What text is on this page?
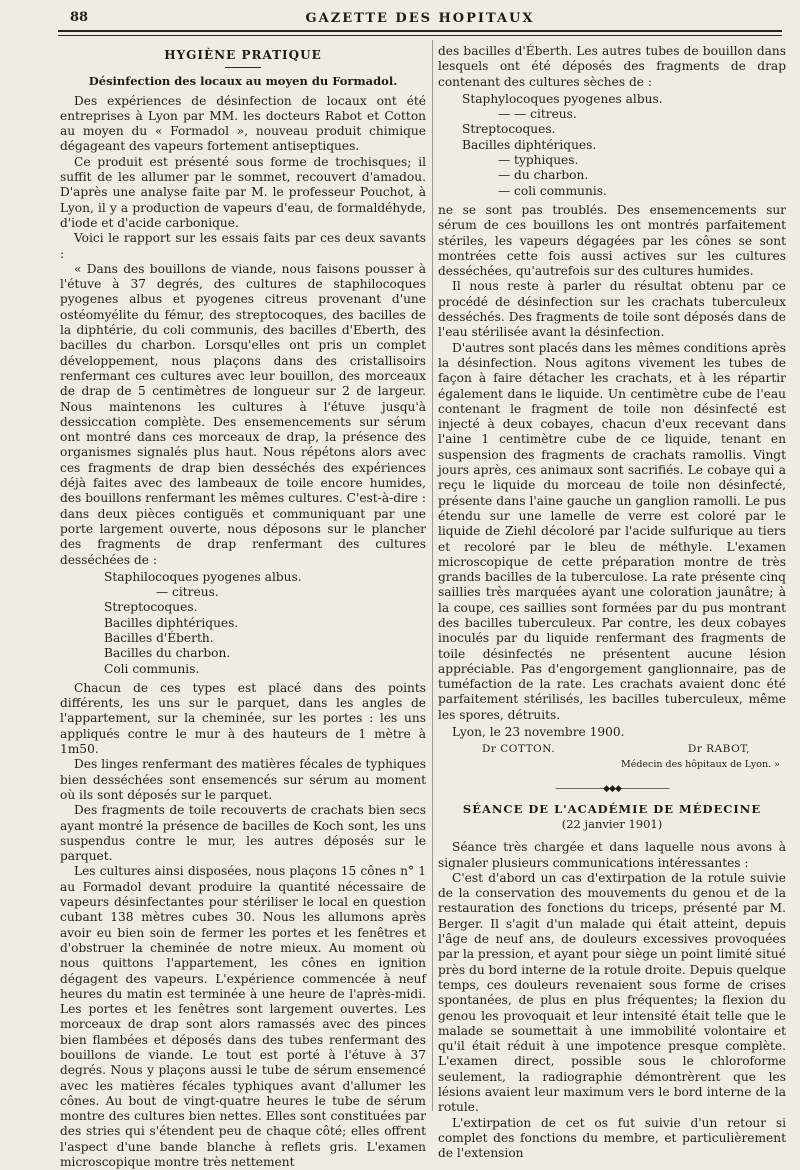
88	GAZETTE DES HOPITAUX
HYGIÈNE PRATIQUE
Désinfection des locaux au moyen du Formadol.

Des expériences de désinfection de locaux ont été entreprises à Lyon par MM. les docteurs Rabot et Cotton au moyen du « Formadol », nouveau produit chimique dégageant des vapeurs fortement antiseptiques.

Ce produit est présenté sous forme de trochisques; il suffit de les allumer par le sommet, recouvert d'amadou. D'après une analyse faite par M. le professeur Pouchot, à Lyon, il y a production de vapeurs d'eau, de formaldéhyde, d'iode et d'acide carbonique.

Voici le rapport sur les essais faits par ces deux savants :

« Dans des bouillons de viande, nous faisons pousser à l'étuve à 37 degrés, des cultures de staphilocoques pyogenes albus et pyogenes citreus provenant d'une ostéomyélite du fémur, des streptocoques, des bacilles de la diphtérie, du coli communis, des bacilles d'Eberth, des bacilles du charbon. Lorsqu'elles ont pris un complet développement, nous plaçons dans des cristallisoirs renfermant ces cultures avec leur bouillon, des morceaux de drap de 5 centimètres de longueur sur 2 de largeur. Nous maintenons les cultures à l'étuve jusqu'à dessiccation complète. Des ensemencements sur sérum ont montré dans ces morceaux de drap, la présence des organismes signalés plus haut. Nous répétons alors avec ces fragments de drap bien desséchés des expériences déjà faites avec des lambeaux de toile encore humides, des bouillons renfermant les mêmes cultures. C'est-à-dire : dans deux pièces contiguës et communiquant par une porte largement ouverte, nous déposons sur le plancher des fragments de drap renfermant des cultures desséchées de :

Staphilocoques pyogenes albus.
— citreus.
Streptocoques.
Bacilles diphtériques.
Bacilles d'Éberth.
Bacilles du charbon.
Coli communis.

Chacun de ces types est placé dans des points différents, les uns sur le parquet, dans les angles de l'appartement, sur la cheminée, sur les portes : les uns appliqués contre le mur à des hauteurs de 1 mètre à 1m50.

Des linges renfermant des matières fécales de typhiques bien desséchées sont ensemencés sur sérum au moment où ils sont déposés sur le parquet.

Des fragments de toile recouverts de crachats bien secs ayant montré la présence de bacilles de Koch sont, les uns suspendus contre le mur, les autres déposés sur le parquet.

Les cultures ainsi disposées, nous plaçons 15 cônes n° 1 au Formadol devant produire la quantité nécessaire de vapeurs désinfectantes pour stériliser le local en question cubant 138 mètres cubes 30. Nous les allumons après avoir eu bien soin de fermer les portes et les fenêtres et d'obstruer la cheminée de notre mieux. Au moment où nous quittons l'appartement, les cônes en ignition dégagent des vapeurs. L'expérience commencée à neuf heures du matin est terminée à une heure de l'après-midi. Les portes et les fenêtres sont largement ouvertes. Les morceaux de drap sont alors ramassés avec des pinces bien flambées et déposés dans des tubes renfermant des bouillons de viande. Le tout est porté à l'étuve à 37 degrés. Nous y plaçons aussi le tube de sérum ensemencé avec les matières fécales typhiques avant d'allumer les cônes. Au bout de vingt-quatre heures le tube de sérum montre des cultures bien nettes. Elles sont constituées par des stries qui s'étendent peu de chaque côté; elles offrent l'aspect d'une bande blanche à reflets gris. L'examen microscopique montre très nettement

des bacilles d'Éberth. Les autres tubes de bouillon dans lesquels ont été déposés des fragments de drap contenant des cultures sèches de :

Staphylocoques pyogenes albus.
— — citreus.
Streptocoques.
Bacilles diphtériques.
— typhiques.
— du charbon.
— coli communis.

ne se sont pas troublés. Des ensemencements sur sérum de ces bouillons les ont montrés parfaitement stériles, les vapeurs dégagées par les cônes se sont montrées cette fois aussi actives sur les cultures desséchées, qu'autrefois sur des cultures humides.

Il nous reste à parler du résultat obtenu par ce procédé de désinfection sur les crachats tuberculeux desséchés. Des fragments de toile sont déposés dans de l'eau stérilisée avant la désinfection.

D'autres sont placés dans les mêmes conditions après la désinfection. Nous agitons vivement les tubes de façon à faire détacher les crachats, et à les répartir également dans le liquide. Un centimètre cube de l'eau contenant le fragment de toile non désinfecté est injecté à deux cobayes, chacun d'eux recevant dans l'aine 1 centimètre cube de ce liquide, tenant en suspension des fragments de crachats ramollis. Vingt jours après, ces animaux sont sacrifiés. Le cobaye qui a reçu le liquide du morceau de toile non désinfecté, présente dans l'aine gauche un ganglion ramolli. Le pus étendu sur une lamelle de verre est coloré par le liquide de Ziehl décoloré par l'acide sulfurique au tiers et recoloré par le bleu de méthyle. L'examen microscopique de cette préparation montre de très grands bacilles de la tuberculose. La rate présente cinq saillies très marquées ayant une coloration jaunâtre; à la coupe, ces saillies sont formées par du pus montrant des bacilles tuberculeux. Par contre, les deux cobayes inoculés par du liquide renfermant des fragments de toile désinfectés ne présentent aucune lésion appréciable. Pas d'engorgement ganglionnaire, pas de tuméfaction de la rate. Les crachats avaient donc été parfaitement stérilisés, les bacilles tuberculeux, même les spores, détruits.

Lyon, le 23 novembre 1900.

Dr COTTON.	Dr RABOT,
Médecin des hôpitaux de Lyon. »
——————◆◆◆——————
SÉANCE DE L'ACADÉMIE DE MÉDECINE
(22 janvier 1901)

Séance très chargée et dans laquelle nous avons à signaler plusieurs communications intéressantes :

C'est d'abord un cas d'extirpation de la rotule suivie de la conservation des mouvements du genou et de la restauration des fonctions du triceps, présenté par M. Berger. Il s'agit d'un malade qui était atteint, depuis l'âge de neuf ans, de douleurs excessives provoquées par la pression, et ayant pour siège un point limité situé près du bord interne de la rotule droite. Depuis quelque temps, ces douleurs revenaient sous forme de crises spontanées, de plus en plus fréquentes; la flexion du genou les provoquait et leur intensité était telle que le malade se soumettait à une immobilité volontaire et qu'il était réduit à une impotence presque complète. L'examen direct, possible sous le chloroforme seulement, la radiographie démontrèrent que les lésions avaient leur maximum vers le bord interne de la rotule.

L'extirpation de cet os fut suivie d'un retour si complet des fonctions du membre, et particulièrement de l'extension
